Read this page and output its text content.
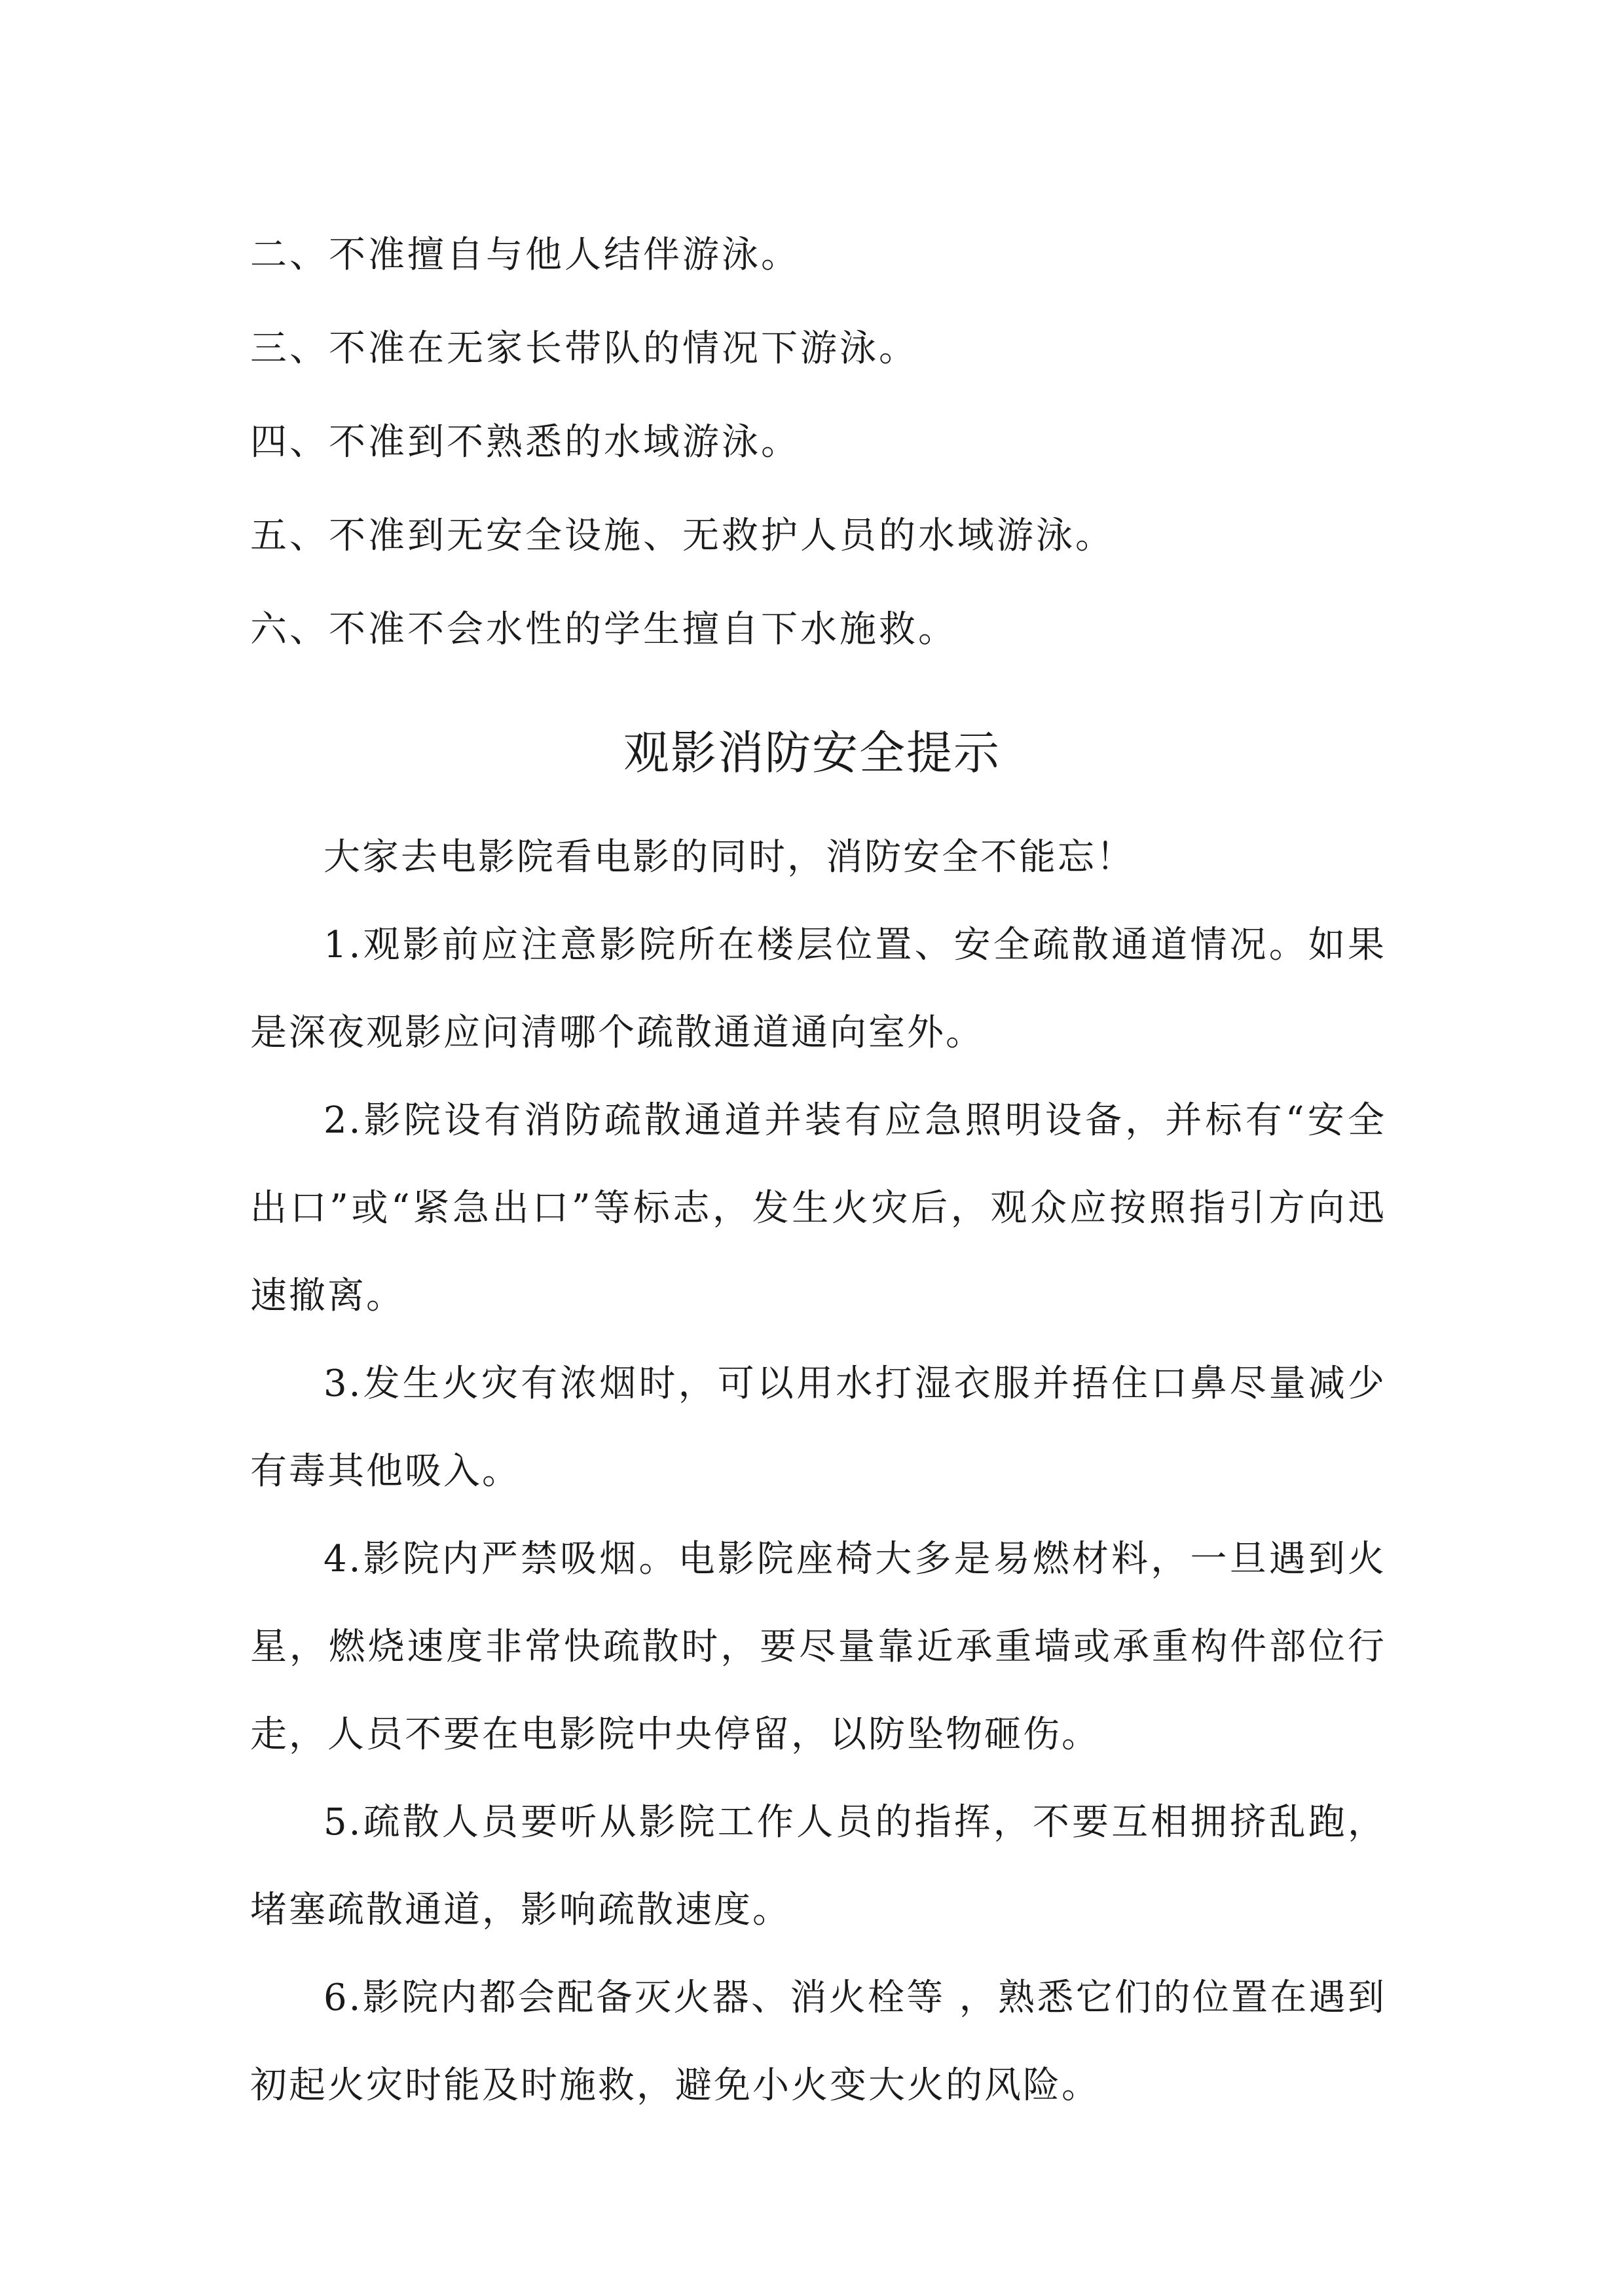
二、不准擅自与他人结伴游泳。
三、不准在无家长带队的情况下游泳。
四、不准到不熟悉的水域游泳。
五、不准到无安全设施、无救护人员的水域游泳。
六、不准不会水性的学生擅自下水施救。
观影消防安全提示

大家去电影院看电影的同时，消防安全不能忘！

1.观影前应注意影院所在楼层位置、安全疏散通道情况。如果是深夜观影应问清哪个疏散通道通向室外。

2.影院设有消防疏散通道并装有应急照明设备，并标有“安全出口”或“紧急出口”等标志，发生火灾后，观众应按照指引方向迅速撤离。

3.发生火灾有浓烟时，可以用水打湿衣服并捂住口鼻尽量减少有毒其他吸入。

4.影院内严禁吸烟。电影院座椅大多是易燃材料，一旦遇到火星，燃烧速度非常快疏散时，要尽量靠近承重墙或承重构件部位行走，人员不要在电影院中央停留，以防坠物砸伤。

5.疏散人员要听从影院工作人员的指挥，不要互相拥挤乱跑，堵塞疏散通道，影响疏散速度。

6.影院内都会配备灭火器、消火栓等 ，熟悉它们的位置在遇到初起火灾时能及时施救，避免小火变大火的风险。
